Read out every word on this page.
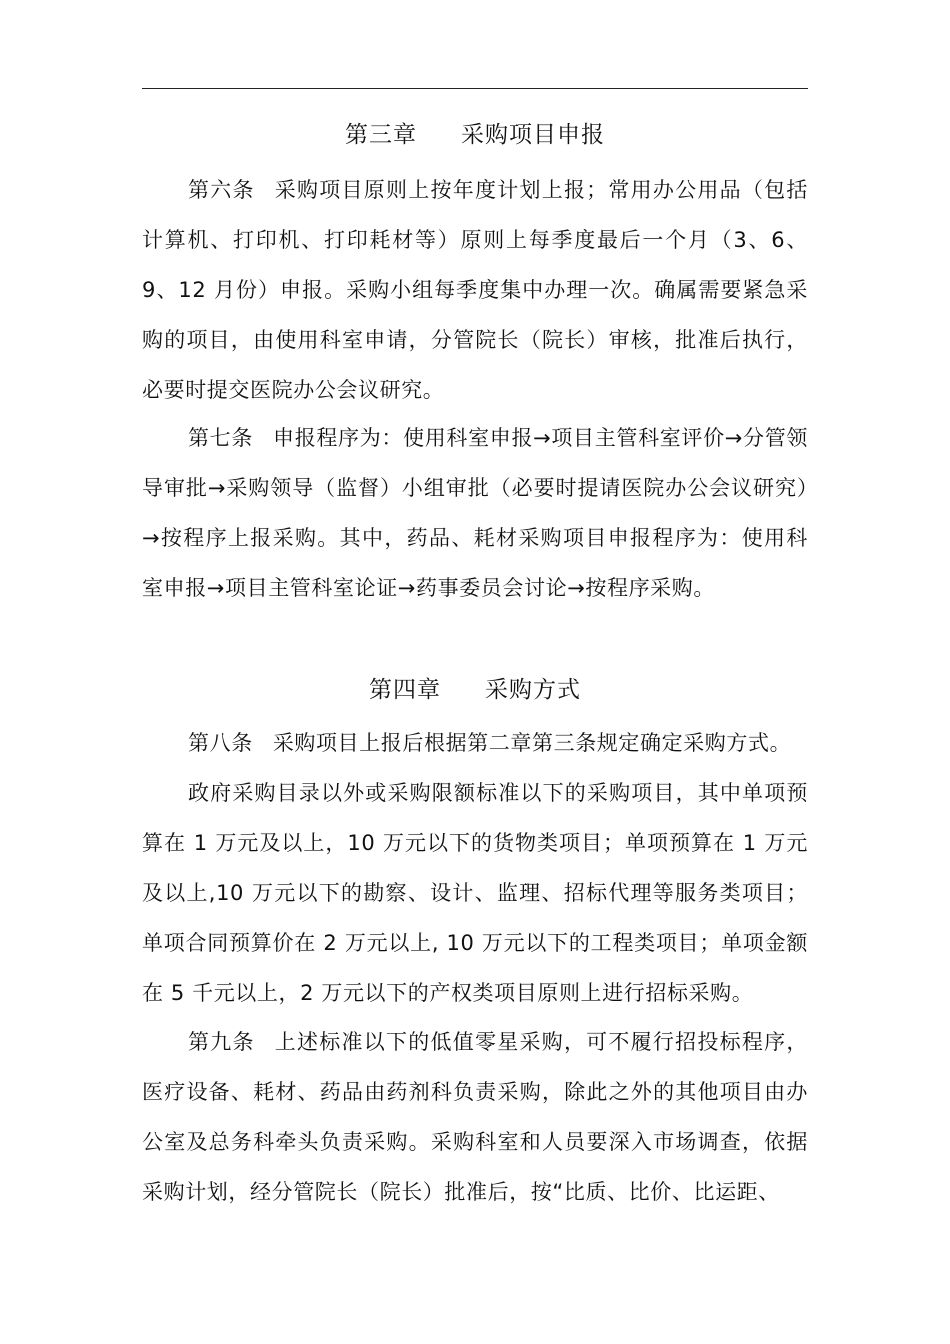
第三章 采购项目申报

第六条 采购项目原则上按年度计划上报；常用办公用品（包括计算机、打印机、打印耗材等）原则上每季度最后一个月（3、6、9、12 月份）申报。采购小组每季度集中办理一次。确属需要紧急采购的项目，由使用科室申请，分管院长（院长）审核，批准后执行，必要时提交医院办公会议研究。

第七条 申报程序为：使用科室申报→项目主管科室评价→分管领导审批→采购领导（监督）小组审批（必要时提请医院办公会议研究）→按程序上报采购。其中，药品、耗材采购项目申报程序为：使用科室申报→项目主管科室论证→药事委员会讨论→按程序采购。

第四章 采购方式

第八条 采购项目上报后根据第二章第三条规定确定采购方式。

政府采购目录以外或采购限额标准以下的采购项目，其中单项预算在 1 万元及以上，10 万元以下的货物类项目；单项预算在 1 万元及以上,10 万元以下的勘察、设计、监理、招标代理等服务类项目；单项合同预算价在 2 万元以上, 10 万元以下的工程类项目；单项金额在 5 千元以上，2 万元以下的产权类项目原则上进行招标采购。

第九条 上述标准以下的低值零星采购，可不履行招投标程序，医疗设备、耗材、药品由药剂科负责采购，除此之外的其他项目由办公室及总务科牵头负责采购。采购科室和人员要深入市场调查，依据采购计划，经分管院长（院长）批准后，按“比质、比价、比运距、
